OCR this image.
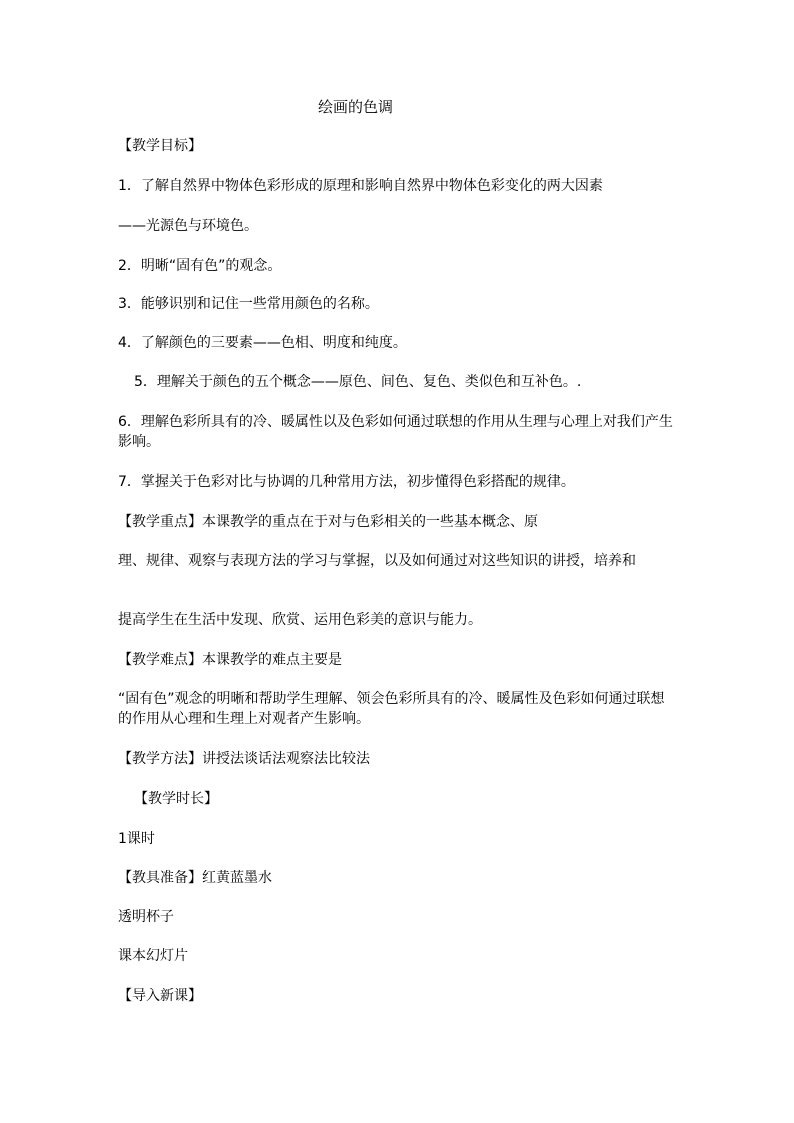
绘画的色调
【教学目标】
1．了解自然界中物体色彩形成的原理和影响自然界中物体色彩变化的两大因素
——光源色与环境色。
2．明晰“固有色”的观念。
3．能够识别和记住一些常用颜色的名称。
4．了解颜色的三要素——色相、明度和纯度。
5．理解关于颜色的五个概念——原色、间色、复色、类似色和互补色。.
6．理解色彩所具有的冷、暖属性以及色彩如何通过联想的作用从生理与心理上对我们产生影响。
7．掌握关于色彩对比与协调的几种常用方法，初步懂得色彩搭配的规律。
【教学重点】本课教学的重点在于对与色彩相关的一些基本概念、原
理、规律、观察与表现方法的学习与掌握，以及如何通过对这些知识的讲授，培养和
提高学生在生活中发现、欣赏、运用色彩美的意识与能力。
【教学难点】本课教学的难点主要是
“固有色”观念的明晰和帮助学生理解、领会色彩所具有的冷、暖属性及色彩如何通过联想的作用从心理和生理上对观者产生影响。
【教学方法】讲授法谈话法观察法比较法
【教学时长】
1课时
【教具准备】红黄蓝墨水
透明杯子
课本幻灯片
【导入新课】
